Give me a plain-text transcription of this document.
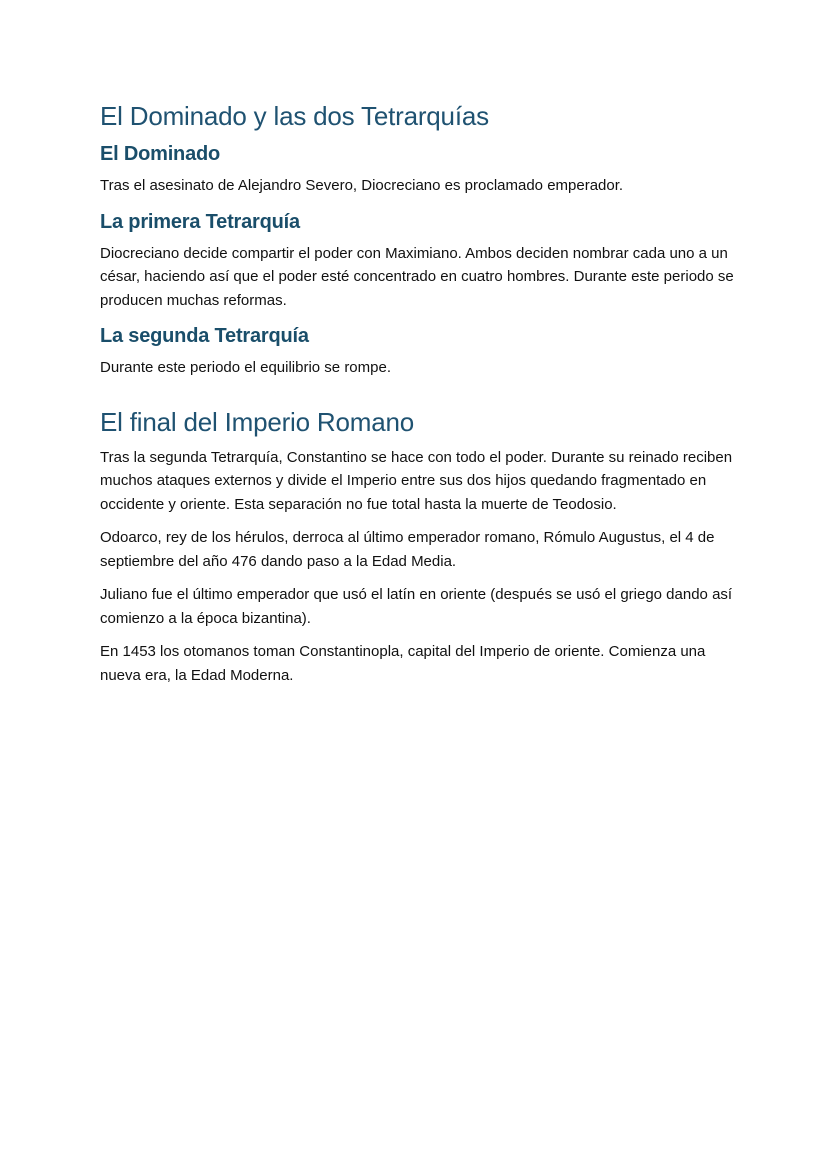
El Dominado y las dos Tetrarquías
El Dominado

Tras el asesinato de Alejandro Severo, Diocreciano es proclamado emperador.

La primera Tetrarquía

Diocreciano decide compartir el poder con Maximiano. Ambos deciden nombrar cada uno a un césar, haciendo así que el poder esté concentrado en cuatro hombres. Durante este periodo se producen muchas reformas.

La segunda Tetrarquía

Durante este periodo el equilibrio se rompe.

El final del Imperio Romano

Tras la segunda Tetrarquía, Constantino se hace con todo el poder. Durante su reinado reciben muchos ataques externos y divide el Imperio entre sus dos hijos quedando fragmentado en occidente y oriente. Esta separación no fue total hasta la muerte de Teodosio.

Odoarco, rey de los hérulos, derroca al último emperador romano, Rómulo Augustus, el 4 de septiembre del año 476 dando paso a la Edad Media.

Juliano fue el último emperador que usó el latín en oriente (después se usó el griego dando así comienzo a la época bizantina).

En 1453 los otomanos toman Constantinopla, capital del Imperio de oriente. Comienza una nueva era, la Edad Moderna.
